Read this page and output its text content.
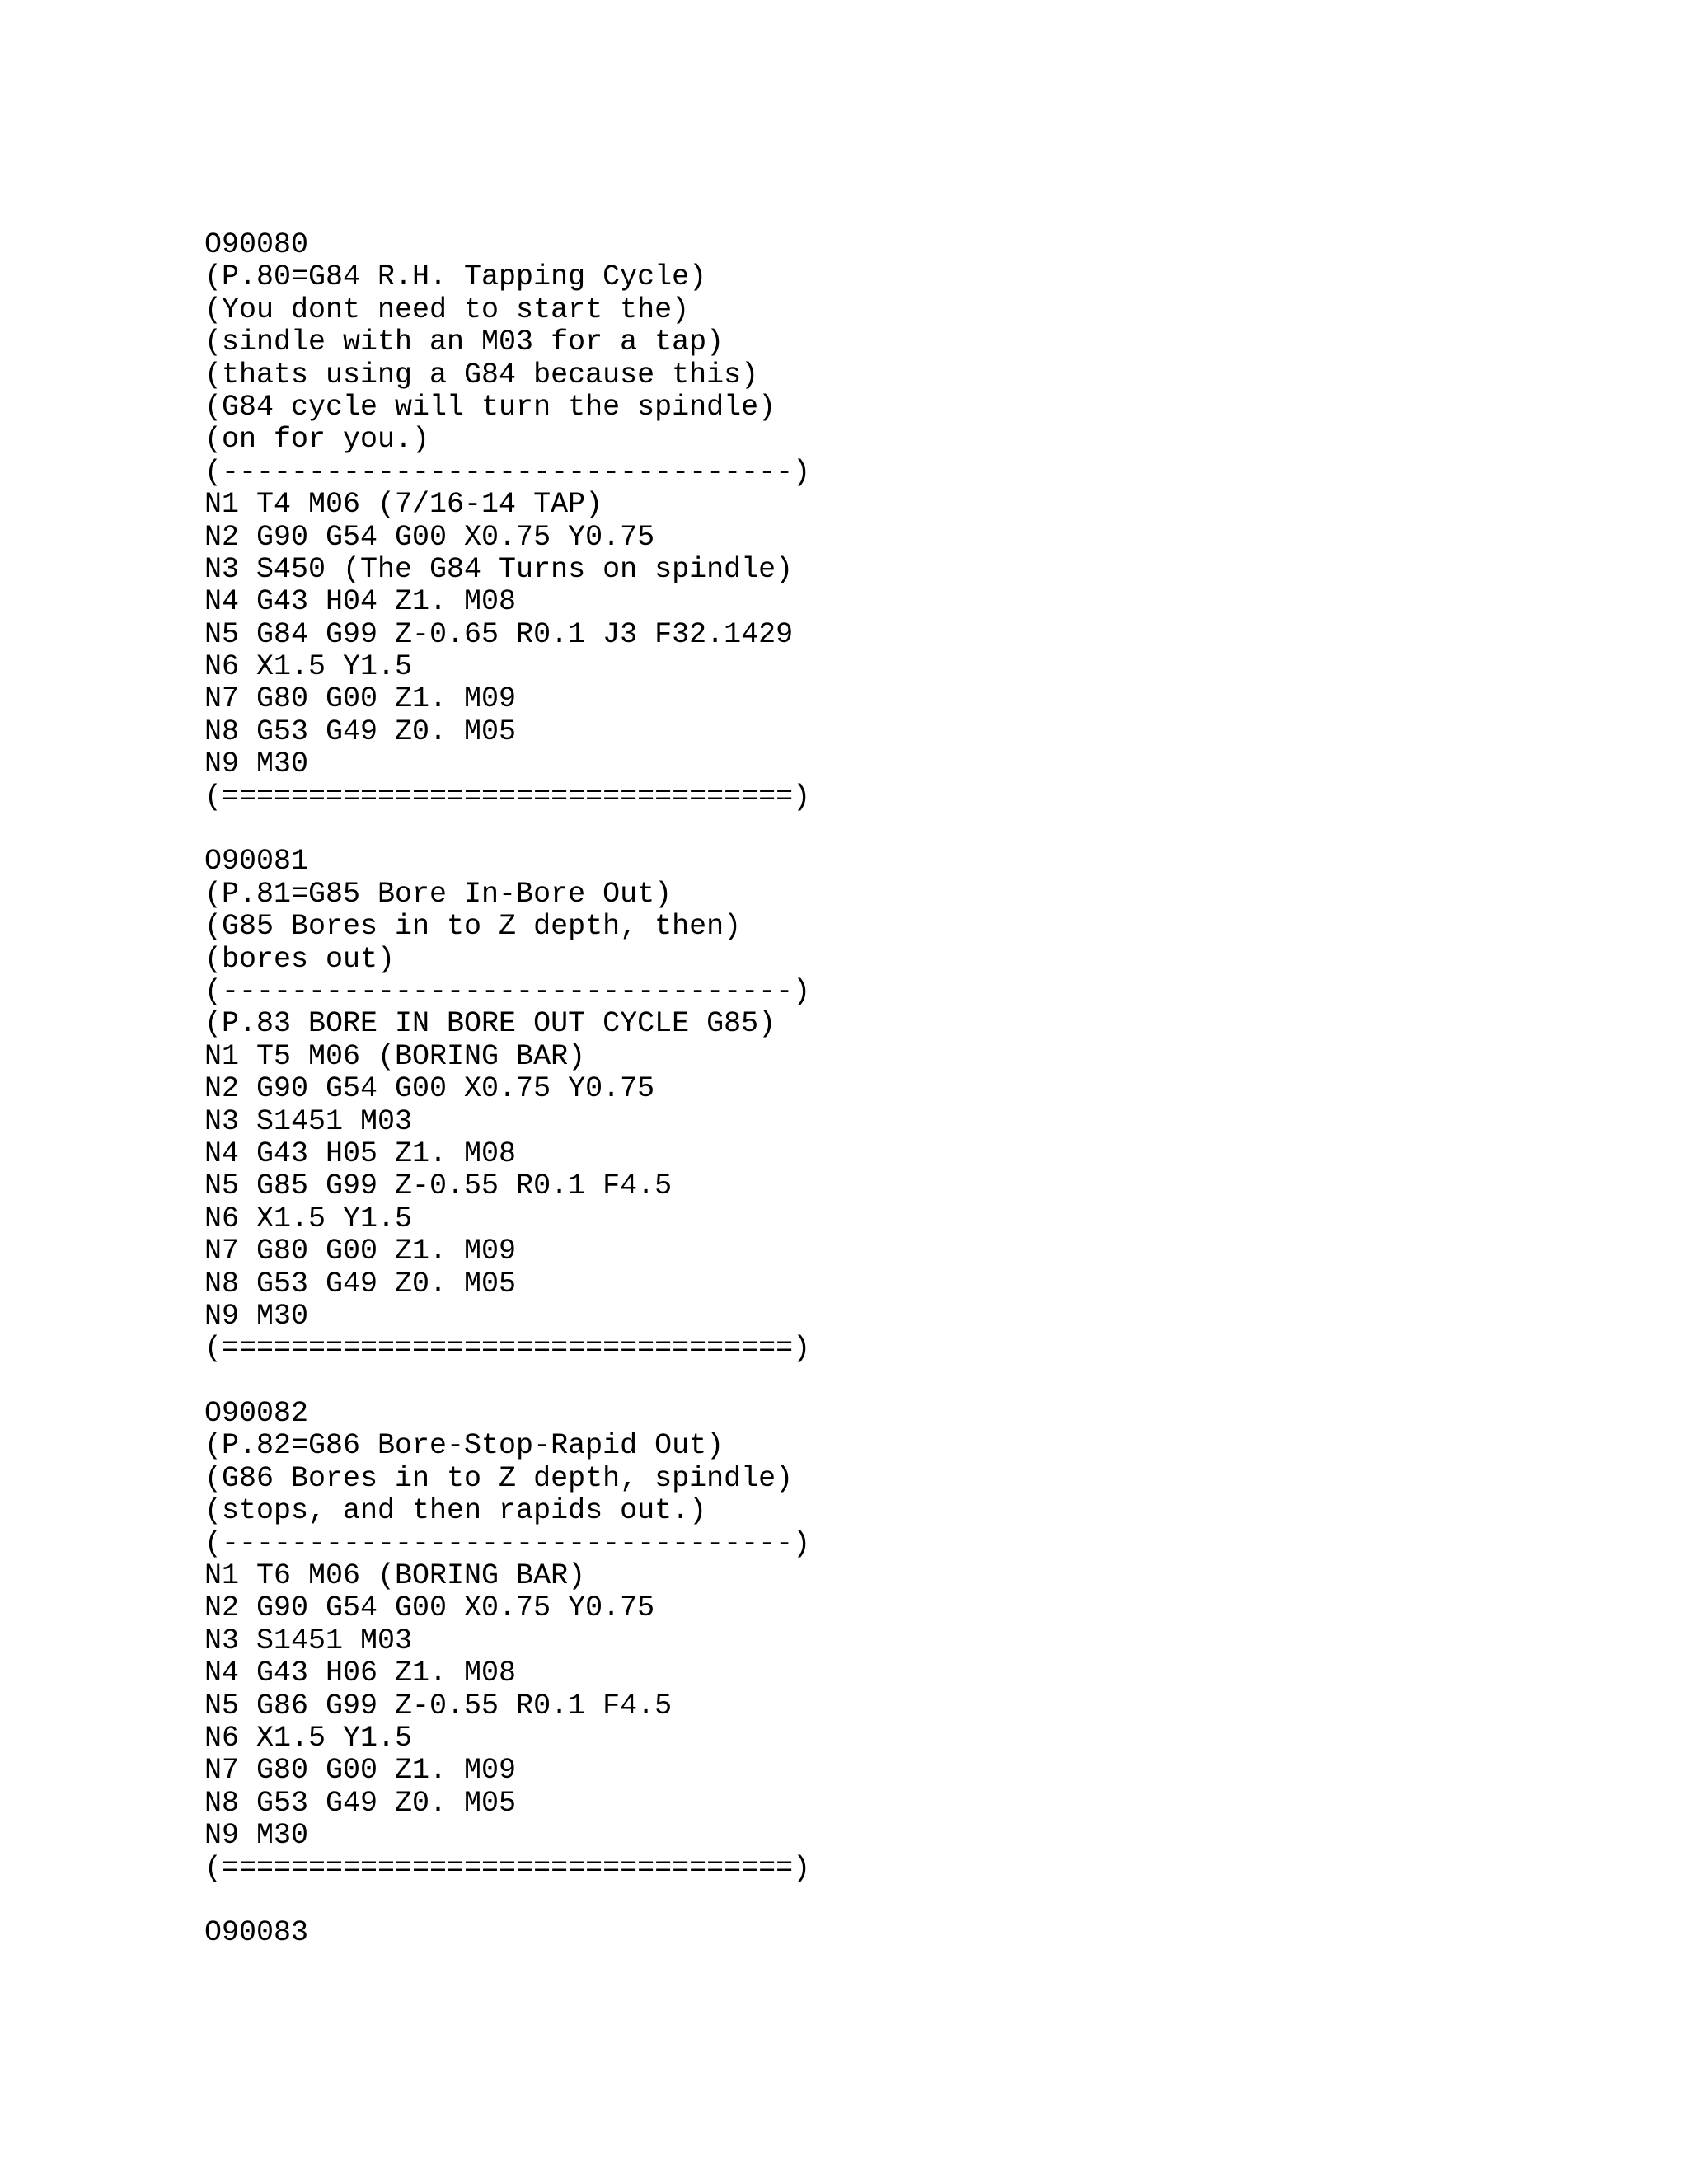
O90080
(P.80=G84 R.H. Tapping Cycle)
(You dont need to start the)
(sindle with an M03 for a tap)
(thats using a G84 because this)
(G84 cycle will turn the spindle)
(on for you.)
(---------------------------------)
N1 T4 M06 (7/16-14 TAP)
N2 G90 G54 G00 X0.75 Y0.75
N3 S450 (The G84 Turns on spindle)
N4 G43 H04 Z1. M08
N5 G84 G99 Z-0.65 R0.1 J3 F32.1429
N6 X1.5 Y1.5
N7 G80 G00 Z1. M09
N8 G53 G49 Z0. M05
N9 M30
(=================================)
O90081
(P.81=G85 Bore In-Bore Out)
(G85 Bores in to Z depth, then)
(bores out)
(---------------------------------)
(P.83 BORE IN BORE OUT CYCLE G85)
N1 T5 M06 (BORING BAR)
N2 G90 G54 G00 X0.75 Y0.75
N3 S1451 M03
N4 G43 H05 Z1. M08
N5 G85 G99 Z-0.55 R0.1 F4.5
N6 X1.5 Y1.5
N7 G80 G00 Z1. M09
N8 G53 G49 Z0. M05
N9 M30
(=================================)
O90082
(P.82=G86 Bore-Stop-Rapid Out)
(G86 Bores in to Z depth, spindle)
(stops, and then rapids out.)
(---------------------------------)
N1 T6 M06 (BORING BAR)
N2 G90 G54 G00 X0.75 Y0.75
N3 S1451 M03
N4 G43 H06 Z1. M08
N5 G86 G99 Z-0.55 R0.1 F4.5
N6 X1.5 Y1.5
N7 G80 G00 Z1. M09
N8 G53 G49 Z0. M05
N9 M30
(=================================)
O90083
